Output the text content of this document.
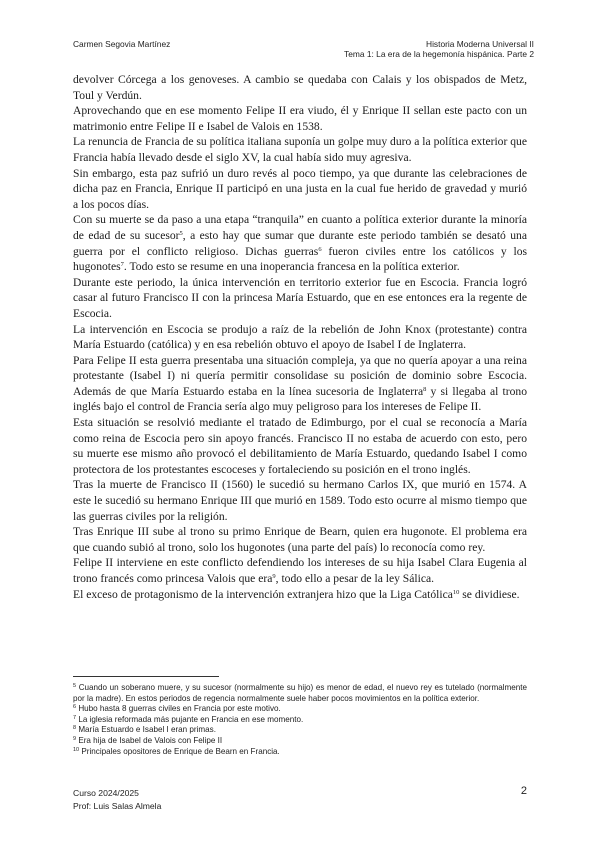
Carmen Segovia Martínez	Historia Moderna Universal II
Tema 1: La era de la hegemonía hispánica. Parte 2

devolver Córcega a los genoveses. A cambio se quedaba con Calais y los obispados de Metz, Toul y Verdún.

Aprovechando que en ese momento Felipe II era viudo, él y Enrique II sellan este pacto con un matrimonio entre Felipe II e Isabel de Valois en 1538.

La renuncia de Francia de su política italiana suponía un golpe muy duro a la política exterior que Francia había llevado desde el siglo XV, la cual había sido muy agresiva.

Sin embargo, esta paz sufrió un duro revés al poco tiempo, ya que durante las celebraciones de dicha paz en Francia, Enrique II participó en una justa en la cual fue herido de gravedad y murió a los pocos días.

Con su muerte se da paso a una etapa “tranquila” en cuanto a política exterior durante la minoría de edad de su sucesor$^5$, a esto hay que sumar que durante este periodo también se desató una guerra por el conflicto religioso. Dichas guerras$^6$ fueron civiles entre los católicos y los hugonotes$^7$. Todo esto se resume en una inoperancia francesa en la política exterior.

Durante este periodo, la única intervención en territorio exterior fue en Escocia. Francia logró casar al futuro Francisco II con la princesa María Estuardo, que en ese entonces era la regente de Escocia.

La intervención en Escocia se produjo a raíz de la rebelión de John Knox (protestante) contra María Estuardo (católica) y en esa rebelión obtuvo el apoyo de Isabel I de Inglaterra.

Para Felipe II esta guerra presentaba una situación compleja, ya que no quería apoyar a una reina protestante (Isabel I) ni quería permitir consolidase su posición de dominio sobre Escocia. Además de que María Estuardo estaba en la línea sucesoria de Inglaterra$^8$ y si llegaba al trono inglés bajo el control de Francia sería algo muy peligroso para los intereses de Felipe II.

Esta situación se resolvió mediante el tratado de Edimburgo, por el cual se reconocía a María como reina de Escocia pero sin apoyo francés. Francisco II no estaba de acuerdo con esto, pero su muerte ese mismo año provocó el debilitamiento de María Estuardo, quedando Isabel I como protectora de los protestantes escoceses y fortaleciendo su posición en el trono inglés.

Tras la muerte de Francisco II (1560) le sucedió su hermano Carlos IX, que murió en 1574. A este le sucedió su hermano Enrique III que murió en 1589. Todo esto ocurre al mismo tiempo que las guerras civiles por la religión.

Tras Enrique III sube al trono su primo Enrique de Bearn, quien era hugonote. El problema era que cuando subió al trono, solo los hugonotes (una parte del país) lo reconocía como rey.

Felipe II interviene en este conflicto defendiendo los intereses de su hija Isabel Clara Eugenia al trono francés como princesa Valois que era$^9$, todo ello a pesar de la ley Sálica.

El exceso de protagonismo de la intervención extranjera hizo que la Liga Católica$^{10}$ se dividiese.

$^5$ Cuando un soberano muere, y su sucesor (normalmente su hijo) es menor de edad, el nuevo rey es tutelado (normalmente por la madre). En estos periodos de regencia normalmente suele haber pocos movimientos en la política exterior.

$^6$ Hubo hasta 8 guerras civiles en Francia por este motivo.

$^7$ La iglesia reformada más pujante en Francia en ese momento.

$^8$ María Estuardo e Isabel I eran primas.

$^9$ Era hija de Isabel de Valois con Felipe II

$^{10}$ Principales opositores de Enrique de Bearn en Francia.

Curso 2024/2025
Prof: Luis Salas Almela
2
